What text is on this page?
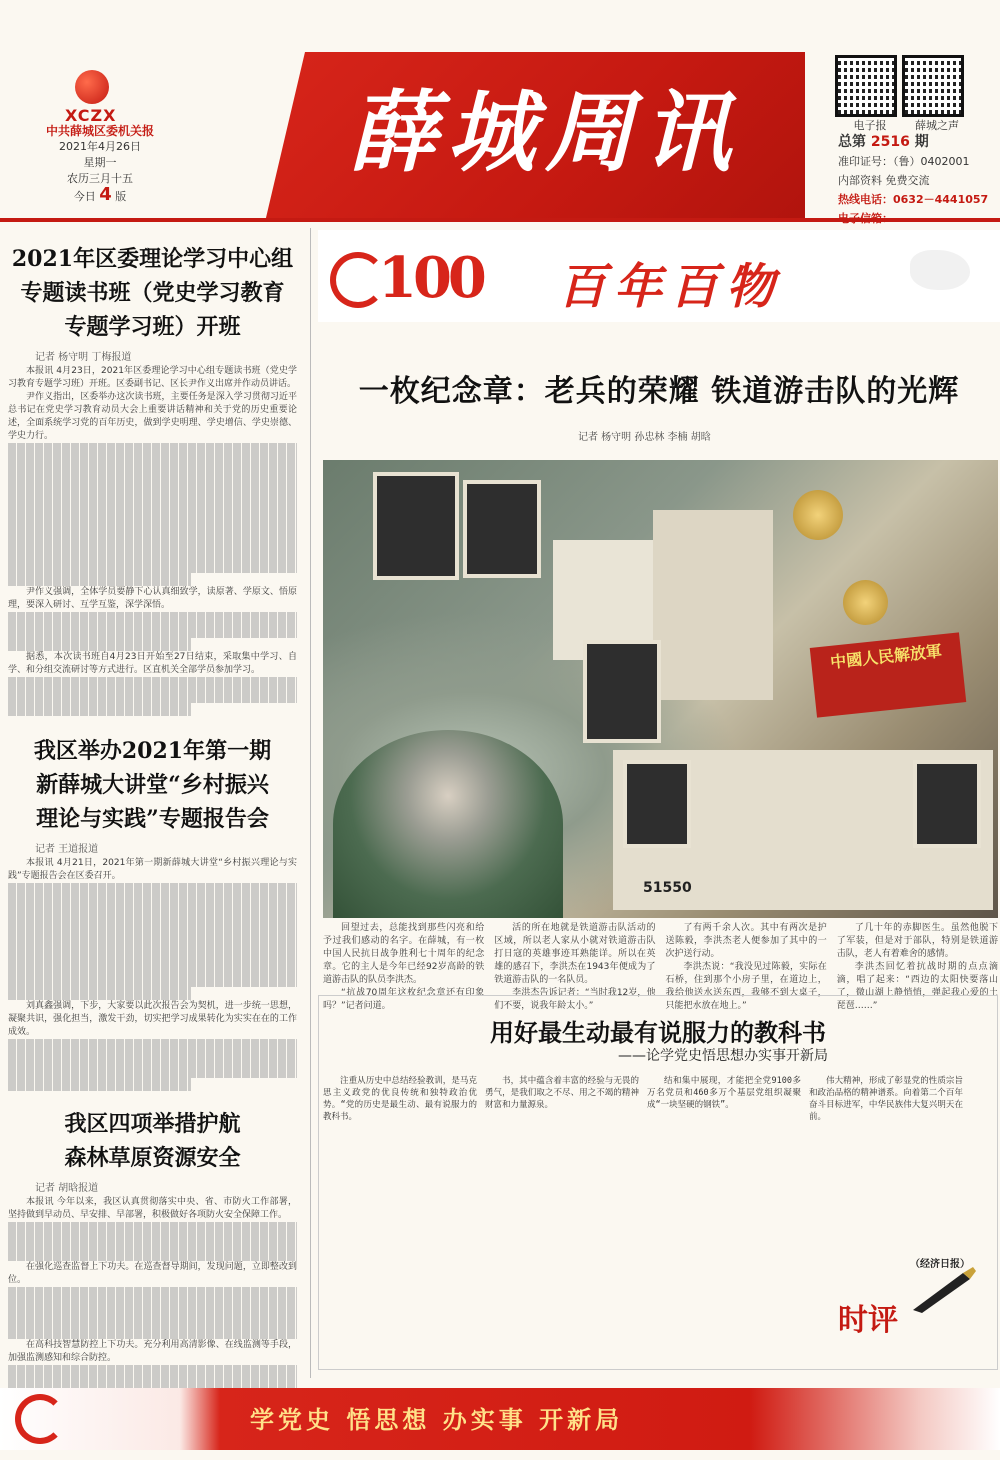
XCZX
中共薛城区委机关报
2021年4月26日
星期一
农历三月十五
今日 4 版
薛城周讯	电子报	薛城之声
总第 2516 期
准印证号：（鲁）0402001
内部资料 免费交流
热线电话：0632－4441057
2021年区委理论学习中心组
专题读书班（党史学习教育
专题学习班）开班
记者 杨守明 丁梅报道

本报讯 4月23日，2021年区委理论学习中心组专题读书班（党史学习教育专题学习班）开班。区委副书记、区长尹作义出席并作动员讲话。

尹作义指出，区委举办这次读书班，主要任务是深入学习贯彻习近平总书记在党史学习教育动员大会上重要讲话精神和关于党的历史重要论述，全面系统学习党的百年历史，做到学史明理、学史增信、学史崇德、学史力行。

尹作义强调，全体学员要静下心认真细致学，读原著、学原文、悟原理，要深入研讨、互学互鉴，深学深悟。

据悉，本次读书班自4月23日开始至27日结束，采取集中学习、自学、和分组交流研讨等方式进行。区直机关全部学员参加学习。

我区举办2021年第一期
新薛城大讲堂“乡村振兴
理论与实践”专题报告会
记者 王道报道

本报讯 4月21日，2021年第一期新薛城大讲堂“乡村振兴理论与实践”专题报告会在区委召开。

刘真鑫强调，下步，大家要以此次报告会为契机，进一步统一思想，凝聚共识，强化担当，激发干劲，切实把学习成果转化为实实在在的工作成效。

我区四项举措护航
森林草原资源安全
记者 胡晗报道

本报讯 今年以来，我区认真贯彻落实中央、省、市防火工作部署，坚持做到早动员、早安排、早部署，积极做好各项防火安全保障工作。

在强化巡查监督上下功夫。在巡查督导期间，发现问题，立即整改到位。

在高科技智慧防控上下功夫。充分利用高清影像、在线监测等手段，加强监测感知和综合防控。

100	百年百物
一枚纪念章：老兵的荣耀 铁道游击队的光辉
记者 杨守明 孙忠林 李楠 胡晗
中國人民解放軍
51550

回望过去，总能找到那些闪亮和给予过我们感动的名字。在薛城，有一枚中国人民抗日战争胜利七十周年的纪念章。它的主人是今年已经92岁高龄的铁道游击队的队员李洪杰。

“抗战70周年这枚纪念章还有印象吗？”记者问道。

活的所在地就是铁道游击队活动的区域，所以老人家从小就对铁道游击队打日寇的英雄事迹耳熟能详。所以在英雄的感召下，李洪杰在1943年便成为了铁道游击队的一名队员。

李洪杰告诉记者：“当时我12岁，他们不要，说我年龄太小。”

了有两千余人次。其中有两次是护送陈毅，李洪杰老人便参加了其中的一次护送行动。

李洪杰说：“我没见过陈毅，实际在石桥，住到那个小房子里，在道边上，我给他送水送东西，我够不到大桌子，只能把水放在地上。”

了几十年的赤脚医生。虽然他脱下了军装，但是对于部队，特别是铁道游击队，老人有着难舍的感情。

李洪杰回忆着抗战时期的点点滴滴，唱了起来：“西边的太阳快要落山了，微山湖上静悄悄，弹起我心爱的土琵琶……”

用好最生动最有说服力的教科书
——论学党史悟思想办实事开新局

注重从历史中总结经验教训，是马克思主义政党的优良传统和独特政治优势。“党的历史是最生动、最有说服力的教科书。

书，其中蕴含着丰富的经验与无畏的勇气，是我们取之不尽、用之不竭的精神财富和力量源泉。

结和集中展现，才能把全党9100多万名党员和460多万个基层党组织凝聚成“一块坚硬的钢铁”。

伟大精神，形成了彰显党的性质宗旨和政治品格的精神谱系。向着第二个百年奋斗目标进军，中华民族伟大复兴明天在前。

（经济日报）
时评
学党史 悟思想 办实事 开新局
